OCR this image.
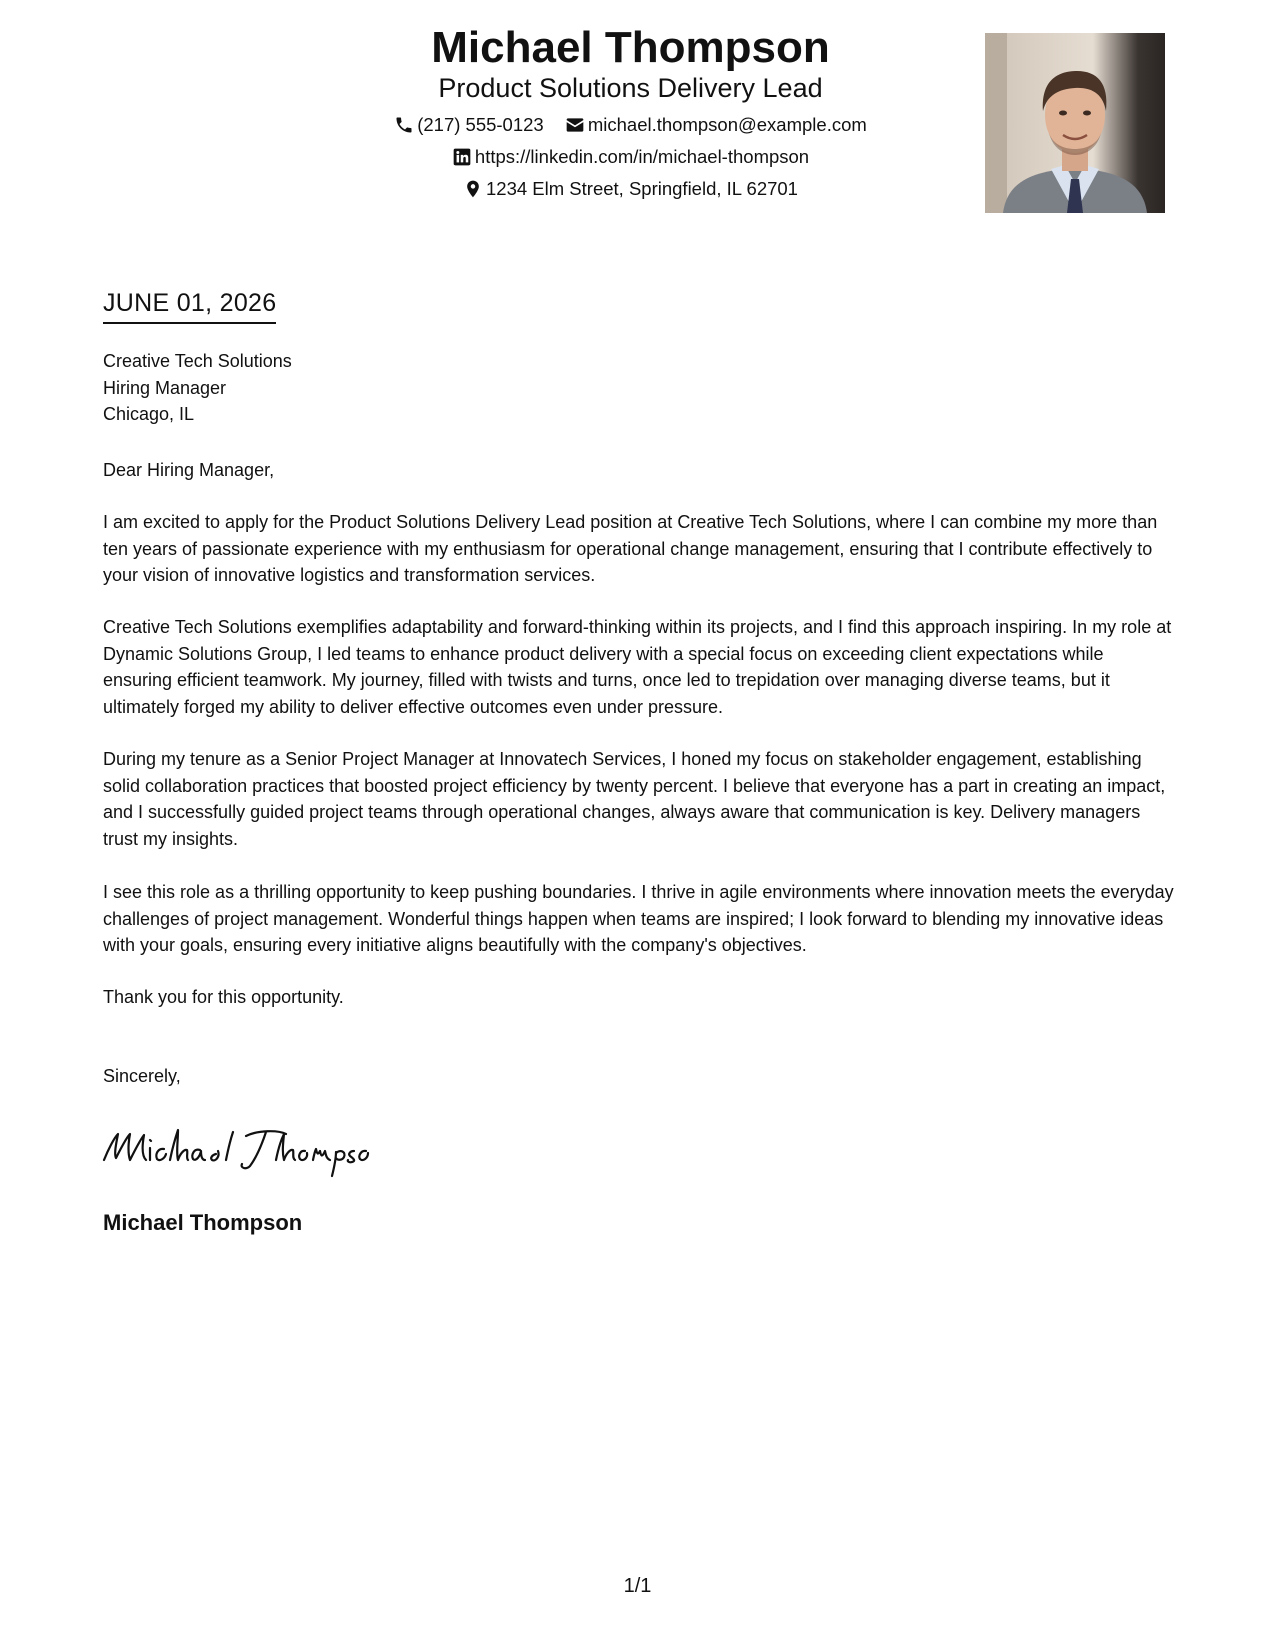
Michael Thompson
Product Solutions Delivery Lead
(217) 555-0123
michael.thompson@example.com
https://linkedin.com/in/michael-thompson
1234 Elm Street, Springfield, IL 62701
JUNE 01, 2026
Creative Tech Solutions
Hiring Manager
Chicago, IL
Dear Hiring Manager,

I am excited to apply for the Product Solutions Delivery Lead position at Creative Tech Solutions, where I can combine my more than ten years of passionate experience with my enthusiasm for operational change management, ensuring that I contribute effectively to your vision of innovative logistics and transformation services.

Creative Tech Solutions exemplifies adaptability and forward-thinking within its projects, and I find this approach inspiring. In my role at Dynamic Solutions Group, I led teams to enhance product delivery with a special focus on exceeding client expectations while ensuring efficient teamwork. My journey, filled with twists and turns, once led to trepidation over managing diverse teams, but it ultimately forged my ability to deliver effective outcomes even under pressure.

During my tenure as a Senior Project Manager at Innovatech Services, I honed my focus on stakeholder engagement, establishing solid collaboration practices that boosted project efficiency by twenty percent. I believe that everyone has a part in creating an impact, and I successfully guided project teams through operational changes, always aware that communication is key. Delivery managers trust my insights.

I see this role as a thrilling opportunity to keep pushing boundaries. I thrive in agile environments where innovation meets the everyday challenges of project management. Wonderful things happen when teams are inspired; I look forward to blending my innovative ideas with your goals, ensuring every initiative aligns beautifully with the company's objectives.

Thank you for this opportunity.

Sincerely,
Michael Thompson
1/1
